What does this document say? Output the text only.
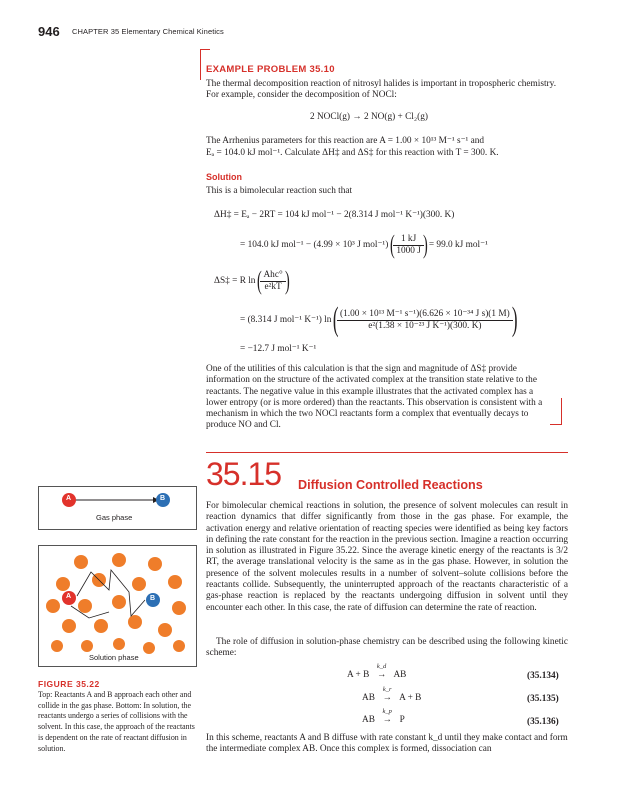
946 CHAPTER 35 Elementary Chemical Kinetics
EXAMPLE PROBLEM 35.10

The thermal decomposition reaction of nitrosyl halides is important in tropospheric chemistry. For example, consider the decomposition of NOCl:

2 NOCl(g) → 2 NO(g) + Cl₂(g)

The Arrhenius parameters for this reaction are A = 1.00 × 10¹³ M⁻¹ s⁻¹ and

Eₐ = 104.0 kJ mol⁻¹. Calculate ΔH‡ and ΔS‡ for this reaction with T = 300. K.

Solution

This is a bimolecular reaction such that

ΔH‡ = Eₐ − 2RT = 104 kJ mol⁻¹ − 2(8.314 J mol⁻¹ K⁻¹)(300. K)
= 104.0 kJ mol⁻¹ − (4.99 × 10³ J mol⁻¹) (
$\frac{1 kJ}{1000 J}$
) = 99.0 kJ mol⁻¹
ΔS‡ = R ln (
$\frac{\text{Ahc°}}{\text{e²kT}}$
)
= (8.314 J mol⁻¹ K⁻¹) ln (
$\frac{\text{(1.00 × 10¹³ M⁻¹ s⁻¹)(6.626 × 10⁻³⁴ J s)(1 M)}}{\text{e²(1.38 × 10⁻²³ J K⁻¹)(300. K)}}$
)
= −12.7 J mol⁻¹ K⁻¹

One of the utilities of this calculation is that the sign and magnitude of ΔS‡ provide information on the structure of the activated complex at the transition state relative to the reactants. The negative value in this example illustrates that the activated complex has a lower entropy (or is more ordered) than the reactants. This observation is consistent with a mechanism in which the two NOCl reactants form a complex that eventually decays to produce NO and Cl.

35.15 Diffusion Controlled Reactions

For bimolecular chemical reactions in solution, the presence of solvent molecules can result in reaction dynamics that differ significantly from those in the gas phase. For example, the activation energy and relative orientation of reacting species were identified as being key factors in defining the rate constant for the reaction in the previous section. Imagine a reaction occurring in solution as illustrated in Figure 35.22. Since the average kinetic energy of the reactants is 3/2 RT, the average translational velocity is the same as in the gas phase. However, in solution the presence of the solvent molecules results in a number of solvent–solute collisions before the reactants collide. Subsequently, the uninterrupted approach of the reactants characteristic of a gas-phase reaction is replaced by the reactants undergoing diffusion in solvent until they encounter each other. In this case, the rate of diffusion can determine the rate of reaction.

The role of diffusion in solution-phase chemistry can be described using the following kinetic scheme:

A + B →
k_d
AB	(35.134)
AB →
k_r
A + B	(35.135)
AB →
k_p
P	(35.136)

In this scheme, reactants A and B diffuse with rate constant k_d until they make contact and form the intermediate complex AB. Once this complex is formed, dissociation can

A	B
Gas phase
A	B
Solution phase
FIGURE 35.22

Top: Reactants A and B approach each other and collide in the gas phase. Bottom: In solution, the reactants undergo a series of collisions with the solvent. In this case, the approach of the reactants is dependent on the rate of reactant diffusion in solution.
